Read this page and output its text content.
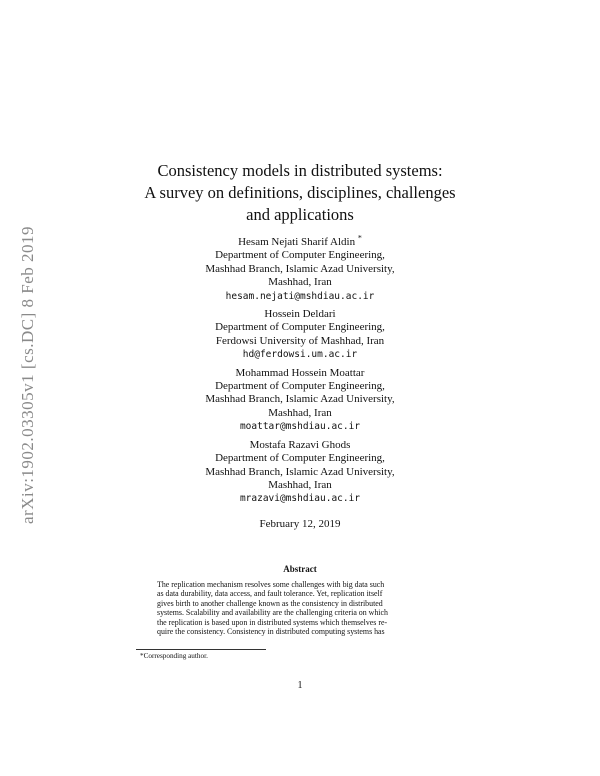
arXiv:1902.03305v1 [cs.DC] 8 Feb 2019
Consistency models in distributed systems:
A survey on definitions, disciplines, challenges
and applications
Hesam Nejati Sharif Aldin *
Department of Computer Engineering,
Mashhad Branch, Islamic Azad University,
Mashhad, Iran
hesam.nejati@mshdiau.ac.ir
Hossein Deldari
Department of Computer Engineering,
Ferdowsi University of Mashhad, Iran
hd@ferdowsi.um.ac.ir
Mohammad Hossein Moattar
Department of Computer Engineering,
Mashhad Branch, Islamic Azad University,
Mashhad, Iran
moattar@mshdiau.ac.ir
Mostafa Razavi Ghods
Department of Computer Engineering,
Mashhad Branch, Islamic Azad University,
Mashhad, Iran
mrazavi@mshdiau.ac.ir
February 12, 2019
Abstract
The replication mechanism resolves some challenges with big data such
as data durability, data access, and fault tolerance. Yet, replication itself
gives birth to another challenge known as the consistency in distributed
systems. Scalability and availability are the challenging criteria on which
the replication is based upon in distributed systems which themselves re-
quire the consistency. Consistency in distributed computing systems has
*Corresponding author.
1
